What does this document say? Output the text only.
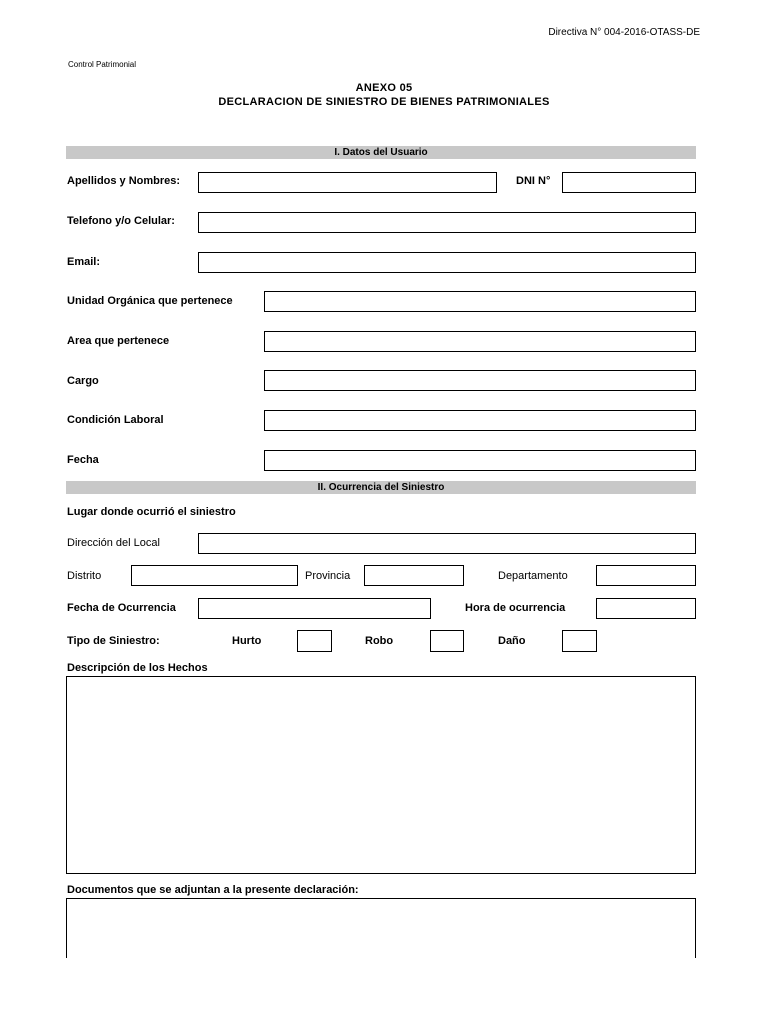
Directiva N° 004-2016-OTASS-DE
Control Patrimonial
ANEXO 05
DECLARACION DE SINIESTRO DE BIENES PATRIMONIALES
I. Datos del Usuario
Apellidos y Nombres:	DNI N°
Telefono y/o Celular:
Email:
Unidad Orgánica que pertenece
Area que pertenece
Cargo
Condición Laboral
Fecha
II. Ocurrencia del Siniestro
Lugar donde ocurrió el siniestro
Dirección del Local
Distrito	Provincia	Departamento
Fecha de Ocurrencia	Hora de ocurrencia
Tipo de Siniestro:	Hurto	Robo	Daño
Descripción de los Hechos
Documentos que se adjuntan a la presente declaración:
